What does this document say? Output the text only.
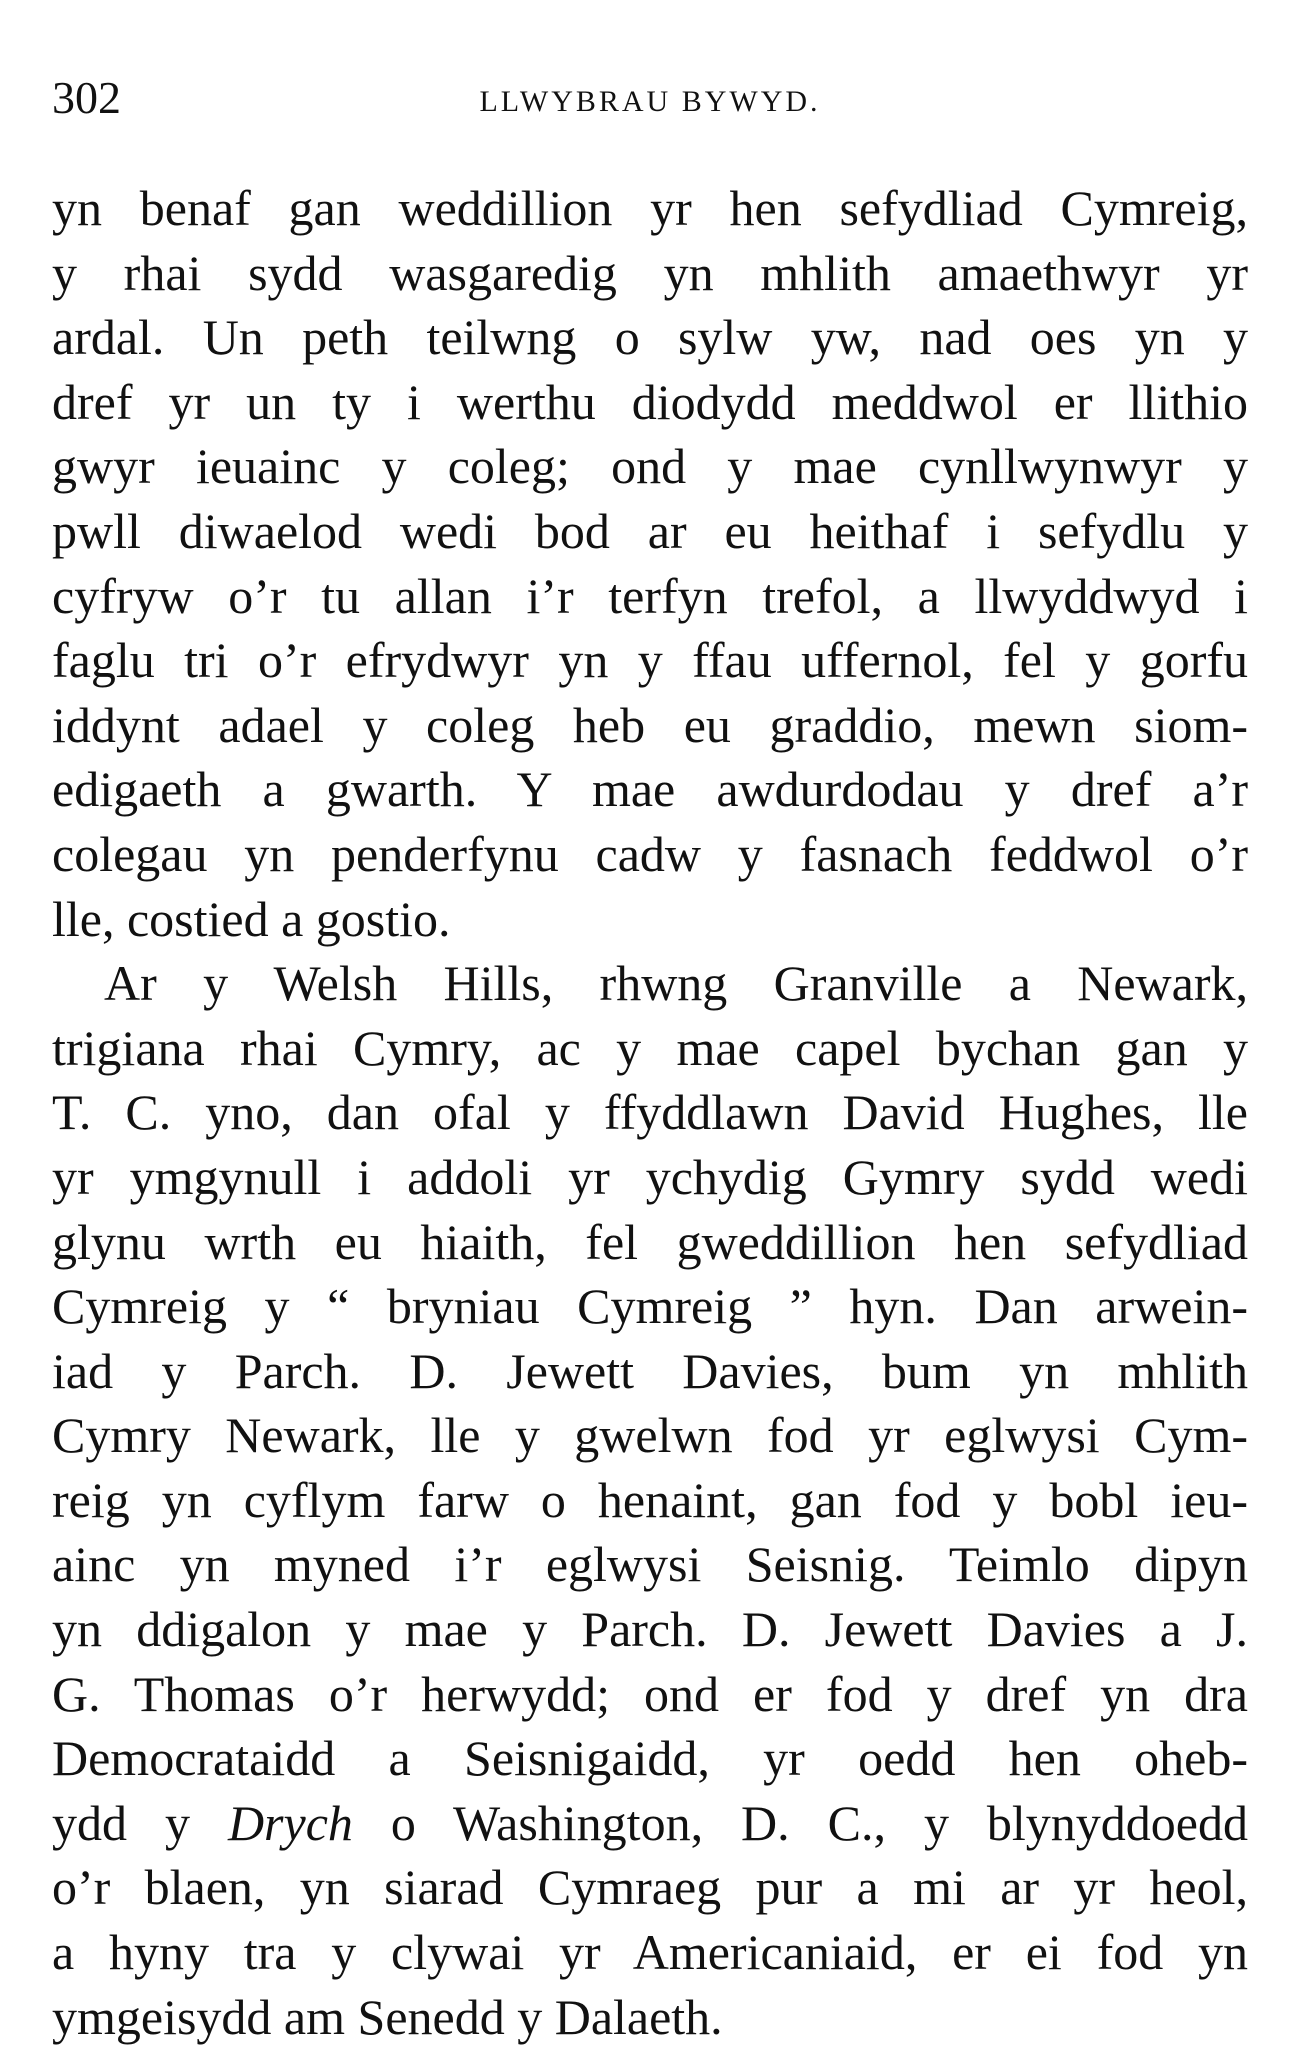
302	LLWYBRAU BYWYD.
yn benaf gan weddillion yr hen sefydliad Cymreig,
y rhai sydd wasgaredig yn mhlith amaethwyr yr
ardal. Un peth teilwng o sylw yw, nad oes yn y
dref yr un ty i werthu diodydd meddwol er llithio
gwyr ieuainc y coleg; ond y mae cynllwynwyr y
pwll diwaelod wedi bod ar eu heithaf i sefydlu y
cyfryw o’r tu allan i’r terfyn trefol, a llwyddwyd i
faglu tri o’r efrydwyr yn y ffau uffernol, fel y gorfu
iddynt adael y coleg heb eu graddio, mewn siom-
edigaeth a gwarth. Y mae awdurdodau y dref a’r
colegau yn penderfynu cadw y fasnach feddwol o’r
lle, costied a gostio.
Ar y Welsh Hills, rhwng Granville a Newark,
trigiana rhai Cymry, ac y mae capel bychan gan y
T. C. yno, dan ofal y ffyddlawn David Hughes, lle
yr ymgynull i addoli yr ychydig Gymry sydd wedi
glynu wrth eu hiaith, fel gweddillion hen sefydliad
Cymreig y “ bryniau Cymreig ” hyn. Dan arwein-
iad y Parch. D. Jewett Davies, bum yn mhlith
Cymry Newark, lle y gwelwn fod yr eglwysi Cym-
reig yn cyflym farw o henaint, gan fod y bobl ieu-
ainc yn myned i’r eglwysi Seisnig. Teimlo dipyn
yn ddigalon y mae y Parch. D. Jewett Davies a J.
G. Thomas o’r herwydd; ond er fod y dref yn dra
Democrataidd a Seisnigaidd, yr oedd hen oheb-
ydd y Drych o Washington, D. C., y blynyddoedd
o’r blaen, yn siarad Cymraeg pur a mi ar yr heol,
a hyny tra y clywai yr Americaniaid, er ei fod yn
ymgeisydd am Senedd y Dalaeth.
